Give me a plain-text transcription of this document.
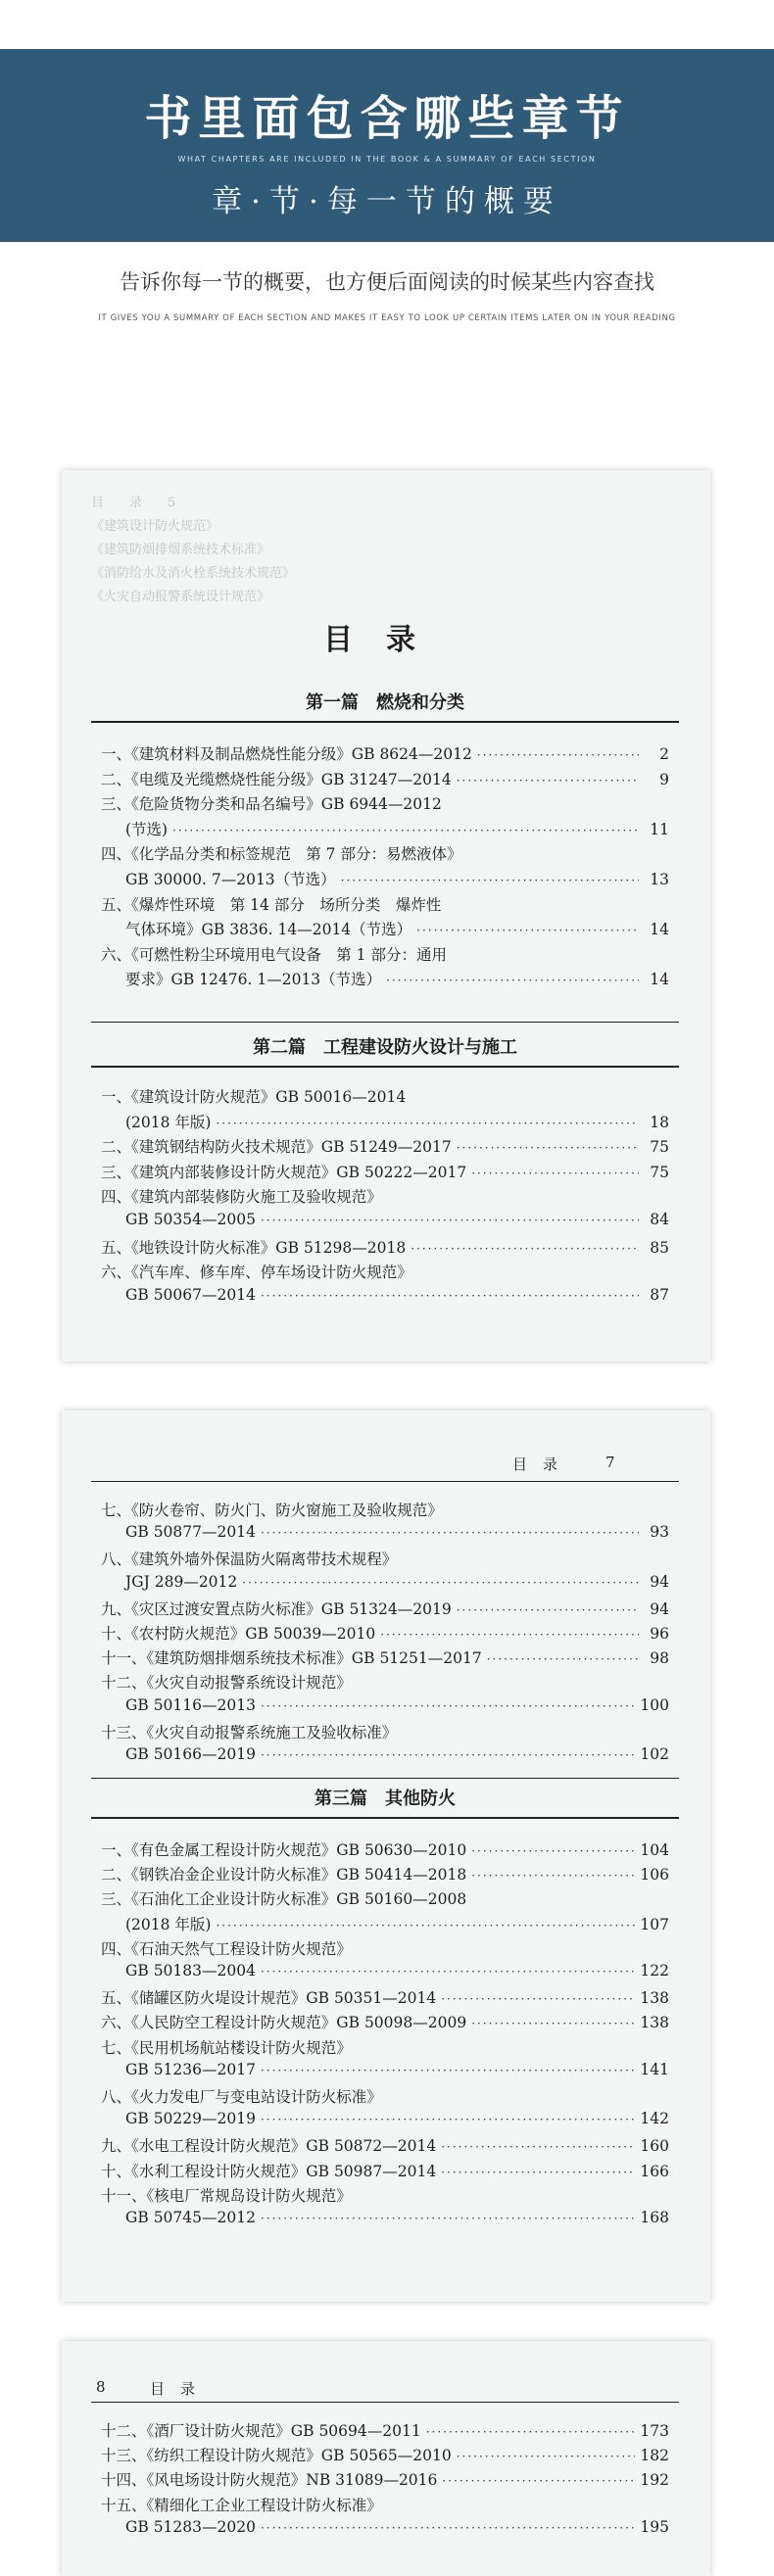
书里面包含哪些章节
WHAT CHAPTERS ARE INCLUDED IN THE BOOK & A SUMMARY OF EACH SECTION
章·节·每一节的概要
告诉你每一节的概要，也方便后面阅读的时候某些内容查找
IT GIVES YOU A SUMMARY OF EACH SECTION AND MAKES IT EASY TO LOOK UP CERTAIN ITEMS LATER ON IN YOUR READING
目　　录　　5
《建筑设计防火规范》　　　　　　　　　　　　　　　　　　　　　　　
《建筑防烟排烟系统技术标准》　　　　　　　　　　　　　　　　　　　
《消防给水及消火栓系统技术规范》　　　　　　　　　　　　　　　　　
《火灾自动报警系统设计规范》　　　　　　　　　　　　　　　　　　　
目录
第一篇　燃烧和分类
一、《建筑材料及制品燃烧性能分级》GB 8624—2012 ·····	2
二、《电缆及光缆燃烧性能分级》GB 31247—2014 ·····	9
三、《危险货物分类和品名编号》GB 6944—2012
(节选) ·····	11
四、《化学品分类和标签规范　第 7 部分：易燃液体》
GB 30000. 7—2013（节选） ·····	13
五、《爆炸性环境　第 14 部分　场所分类　爆炸性
气体环境》GB 3836. 14—2014（节选） ·····	14
六、《可燃性粉尘环境用电气设备　第 1 部分：通用
要求》GB 12476. 1—2013（节选） ·····	14
第二篇　工程建设防火设计与施工
一、《建筑设计防火规范》GB 50016—2014
(2018 年版) ·····	18
二、《建筑钢结构防火技术规范》GB 51249—2017 ·····	75
三、《建筑内部装修设计防火规范》GB 50222—2017 ·····	75
四、《建筑内部装修防火施工及验收规范》
GB 50354—2005 ·····	84
五、《地铁设计防火标准》GB 51298—2018 ·····	85
六、《汽车库、修车库、停车场设计防火规范》
GB 50067—2014 ·····	87
目录 7
七、《防火卷帘、防火门、防火窗施工及验收规范》
GB 50877—2014 ·····	93
八、《建筑外墙外保温防火隔离带技术规程》
JGJ 289—2012 ·····	94
九、《灾区过渡安置点防火标准》GB 51324—2019 ·····	94
十、《农村防火规范》GB 50039—2010 ·····	96
十一、《建筑防烟排烟系统技术标准》GB 51251—2017 ·····	98
十二、《火灾自动报警系统设计规范》
GB 50116—2013 ·····	100
十三、《火灾自动报警系统施工及验收标准》
GB 50166—2019 ·····	102
第三篇　其他防火
一、《有色金属工程设计防火规范》GB 50630—2010 ·····	104
二、《钢铁冶金企业设计防火标准》GB 50414—2018 ·····	106
三、《石油化工企业设计防火标准》GB 50160—2008
(2018 年版) ·····	107
四、《石油天然气工程设计防火规范》
GB 50183—2004 ·····	122
五、《储罐区防火堤设计规范》GB 50351—2014 ·····	138
六、《人民防空工程设计防火规范》GB 50098—2009 ·····	138
七、《民用机场航站楼设计防火规范》
GB 51236—2017 ·····	141
八、《火力发电厂与变电站设计防火标准》
GB 50229—2019 ·····	142
九、《水电工程设计防火规范》GB 50872—2014 ·····	160
十、《水利工程设计防火规范》GB 50987—2014 ·····	166
十一、《核电厂常规岛设计防火规范》
GB 50745—2012 ·····	168
8	目录
十二、《酒厂设计防火规范》GB 50694—2011 ·····	173
十三、《纺织工程设计防火规范》GB 50565—2010 ·····	182
十四、《风电场设计防火规范》NB 31089—2016 ·····	192
十五、《精细化工企业工程设计防火标准》
GB 51283—2020 ·····	195
